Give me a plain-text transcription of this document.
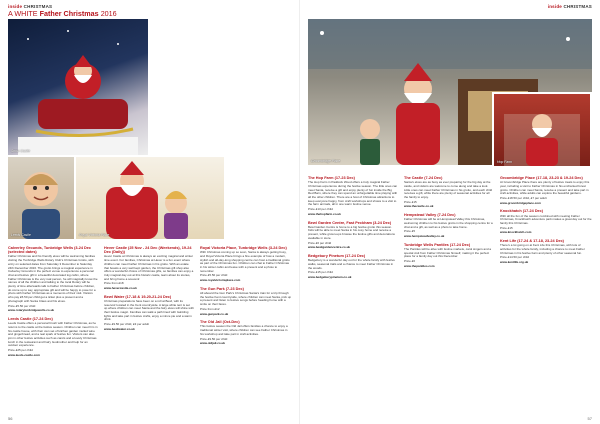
inside CHRISTMAS
A WHITE Father Christmas 2016
Snow Castle
Leeds Castle	Royal Victoria Place
Calverley Grounds, Tunbridge Wells (3-24 Dec (selected dates)

Father Christmas and his friendly elves will be welcoming families visiting the Tunbridge Wells Rotary Club's Christmas Grotto, with entry on selected dates from Saturday 3 December to Saturday 24th December 2016. The grotto brings a magical experience in Calverley Grounds in the perfect venue to experience a personal chat and festive gift in a beautiful decorated log cabin, where Father Christmas is the very real person, he will magically know the names of all the children and talking to the local Rotary will be plenty of time afterwards talk to Father Christmas before children, do come up to say, appropriate gift and will be happy to pose for a photo with Father Christmas as a memento of their visit. Visitors who pay £5.50 per child get a ticket plus a present and a photograph with Santa Claus and his elves.

Price £5.50 per child

www.rotarytunbridgewells.co.uk

Leeds Castle (17-24 Dec)

Leeds Castle offers a personal brush with Father Christmas, as he returns to the castle at the festive season. Children can meet him in his castle house, with their own set of kitchen garden mulled wine and gingerbread, and a real spark of festive fun. Visitors can also join in other festive activities such as carols and a lovely Christmas lunch in the restaurant and Fairy Godmother and help for an outdoor experience.

Price £25 per child

www.leeds-castle.com

Hever Castle (25 Nov - 24 Dec (Weekends), 19-24 Dec (Daily))

Hever Castle at Christmas is always an exciting magical and winter time event. For families, Christmas at Hever is a fun event where children can meet Father Christmas in his grotto. With an estate that boasts a very well kept garden, the Christmas gift shop also offers a wonderful choice of Christmas gifts, so families can enjoy a truly magical day out at this historic castle, learn about its stories, and bring home a souvenir.

Price from £18

www.hevercastle.co.uk

Bewl Water (17-18 & 19-20-21-24 Dec)

Christmas preparations have been on a roll at Bewl, with its reservoir located in the Kent countryside. A large white tent is set up where children can meet Santa and the fairy elves will shine with their festive magic. Families can walk a path lined with twinkling lights and take part in festive crafts, enjoy a mince pie and a warm drink.

Price £9.50 per child, £3 per adult

www.bewlwater.co.uk

Royal Victoria Place, Tunbridge Wells (3-24 Dec)

With Christmas coming up so soon, Santa is always getting busy, and Royal Victoria Place brings a fine example of how a modern, stylish and all-day-long shopping centre can host a traditional grotto as part of the Christmas fun. Children can chat to Father Christmas in his winter cabin and leave with a present and a photo to remember.

Price £5.50 per child

www.royalvictoriaplace.com

The Gun Park (7-23 Dec)

All aboard the Gun Park's Christmas Santa's train for a trip through the festive Kent countryside, where children can meet Santa, pick up a present and listen to festive songs before heading home with a smile on their faces.

Price from £12

www.gunpark.co.uk

The Old Jail (Oct-Dec)

This festive season the Old Jail offers families a chance to enjoy a traditional winter visit, where children can see Father Christmas in his workshop and take part in craft activities.

Price £9.50 per child

www.oldjail.co.uk

56
inside CHRISTMAS
Groombridge Place	Hop Farm
The Hop Farm (17-23 Dec)

The Hop Farm in Paddock Wood offers a truly magical Father Christmas experience during the festive season. The little ones can meet Santa, receive a gift and enjoy plenty of fun inside the Big Red Barn, where they can spend an unforgettable time playing with all the other children. There are a host of Christmas attractions to keep everyone happy, from craft workshops and shows to a visit to the farm animals, all in one warm festive venue.

Price £13 per child

www.thehopfarm.co.uk

Bewl Garden Centre, Fast Peckham (3-24 Dec)

Bewl Garden Centre is home to a big festive grotto this season. Kids will be able to meet Santa in his cosy home and receive a present, while grown-ups browse the festive gifts and decorations available in store.

Price £6 per child

www.bewlgardencentre.co.uk

Bedgebury Pinetum (17-24 Dec)

Bedgebury is a wonderful day out for the whole family with festive walks, seasonal trails and a chance to meet Father Christmas in the woods.

Price £15 per child

www.bedgeburypinetum.co.uk

The Castle (7-24 Dec)

Santa's elves are as busy as ever preparing for the big day at the castle, and visitors are welcome to come along and take a look. Little ones can meet Father Christmas in his grotto, and each child receives a gift, while there are plenty of seasonal activities for all the family to enjoy.

Price £15

www.thecastle.co.uk

Hempstead Valley (7-24 Dec)

Father Christmas will be at Hempstead Valley this Christmas, welcoming children to his festive grotto in the shopping centre for a chat and a gift, as well as a photo to take home.

Price £5

www.hempsteadvalley.co.uk

Tunbridge Wells Pantiles (17-24 Dec)

The Pantiles will be alive with festive markets, carol singers and a special visit from Father Christmas himself, making it the perfect place for a family day out this December.

Price £6

www.thepantiles.com

Groombridge Place (17-18, 23-23 & 19-24 Dec)

At Groombridge Place there are plenty of festive treats to enjoy this year, including a visit to Father Christmas in his enchanted forest grotto. Children can meet Santa, receive a present and take part in craft activities, while adults can explore the beautiful gardens.

Price £18.50 per child, £7 per adult

www.groombridgeplace.com

Knockhatch (17-24 Dec)

With all the fun of the season combined with meeting Father Christmas, Knockhatch adventure park makes a great day out for the family this Christmas.

Price £15

www.knockhatch.com

Kent Life (17-24 & 17-18, 23-24 Dec)

There's a lot going on at Kent Life this Christmas, with lots of activities for the whole family, including a chance to meet Father Christmas in his festive barn and plenty of other seasonal fun.

Price £14.50 per child

www.kentlife.org.uk

57
